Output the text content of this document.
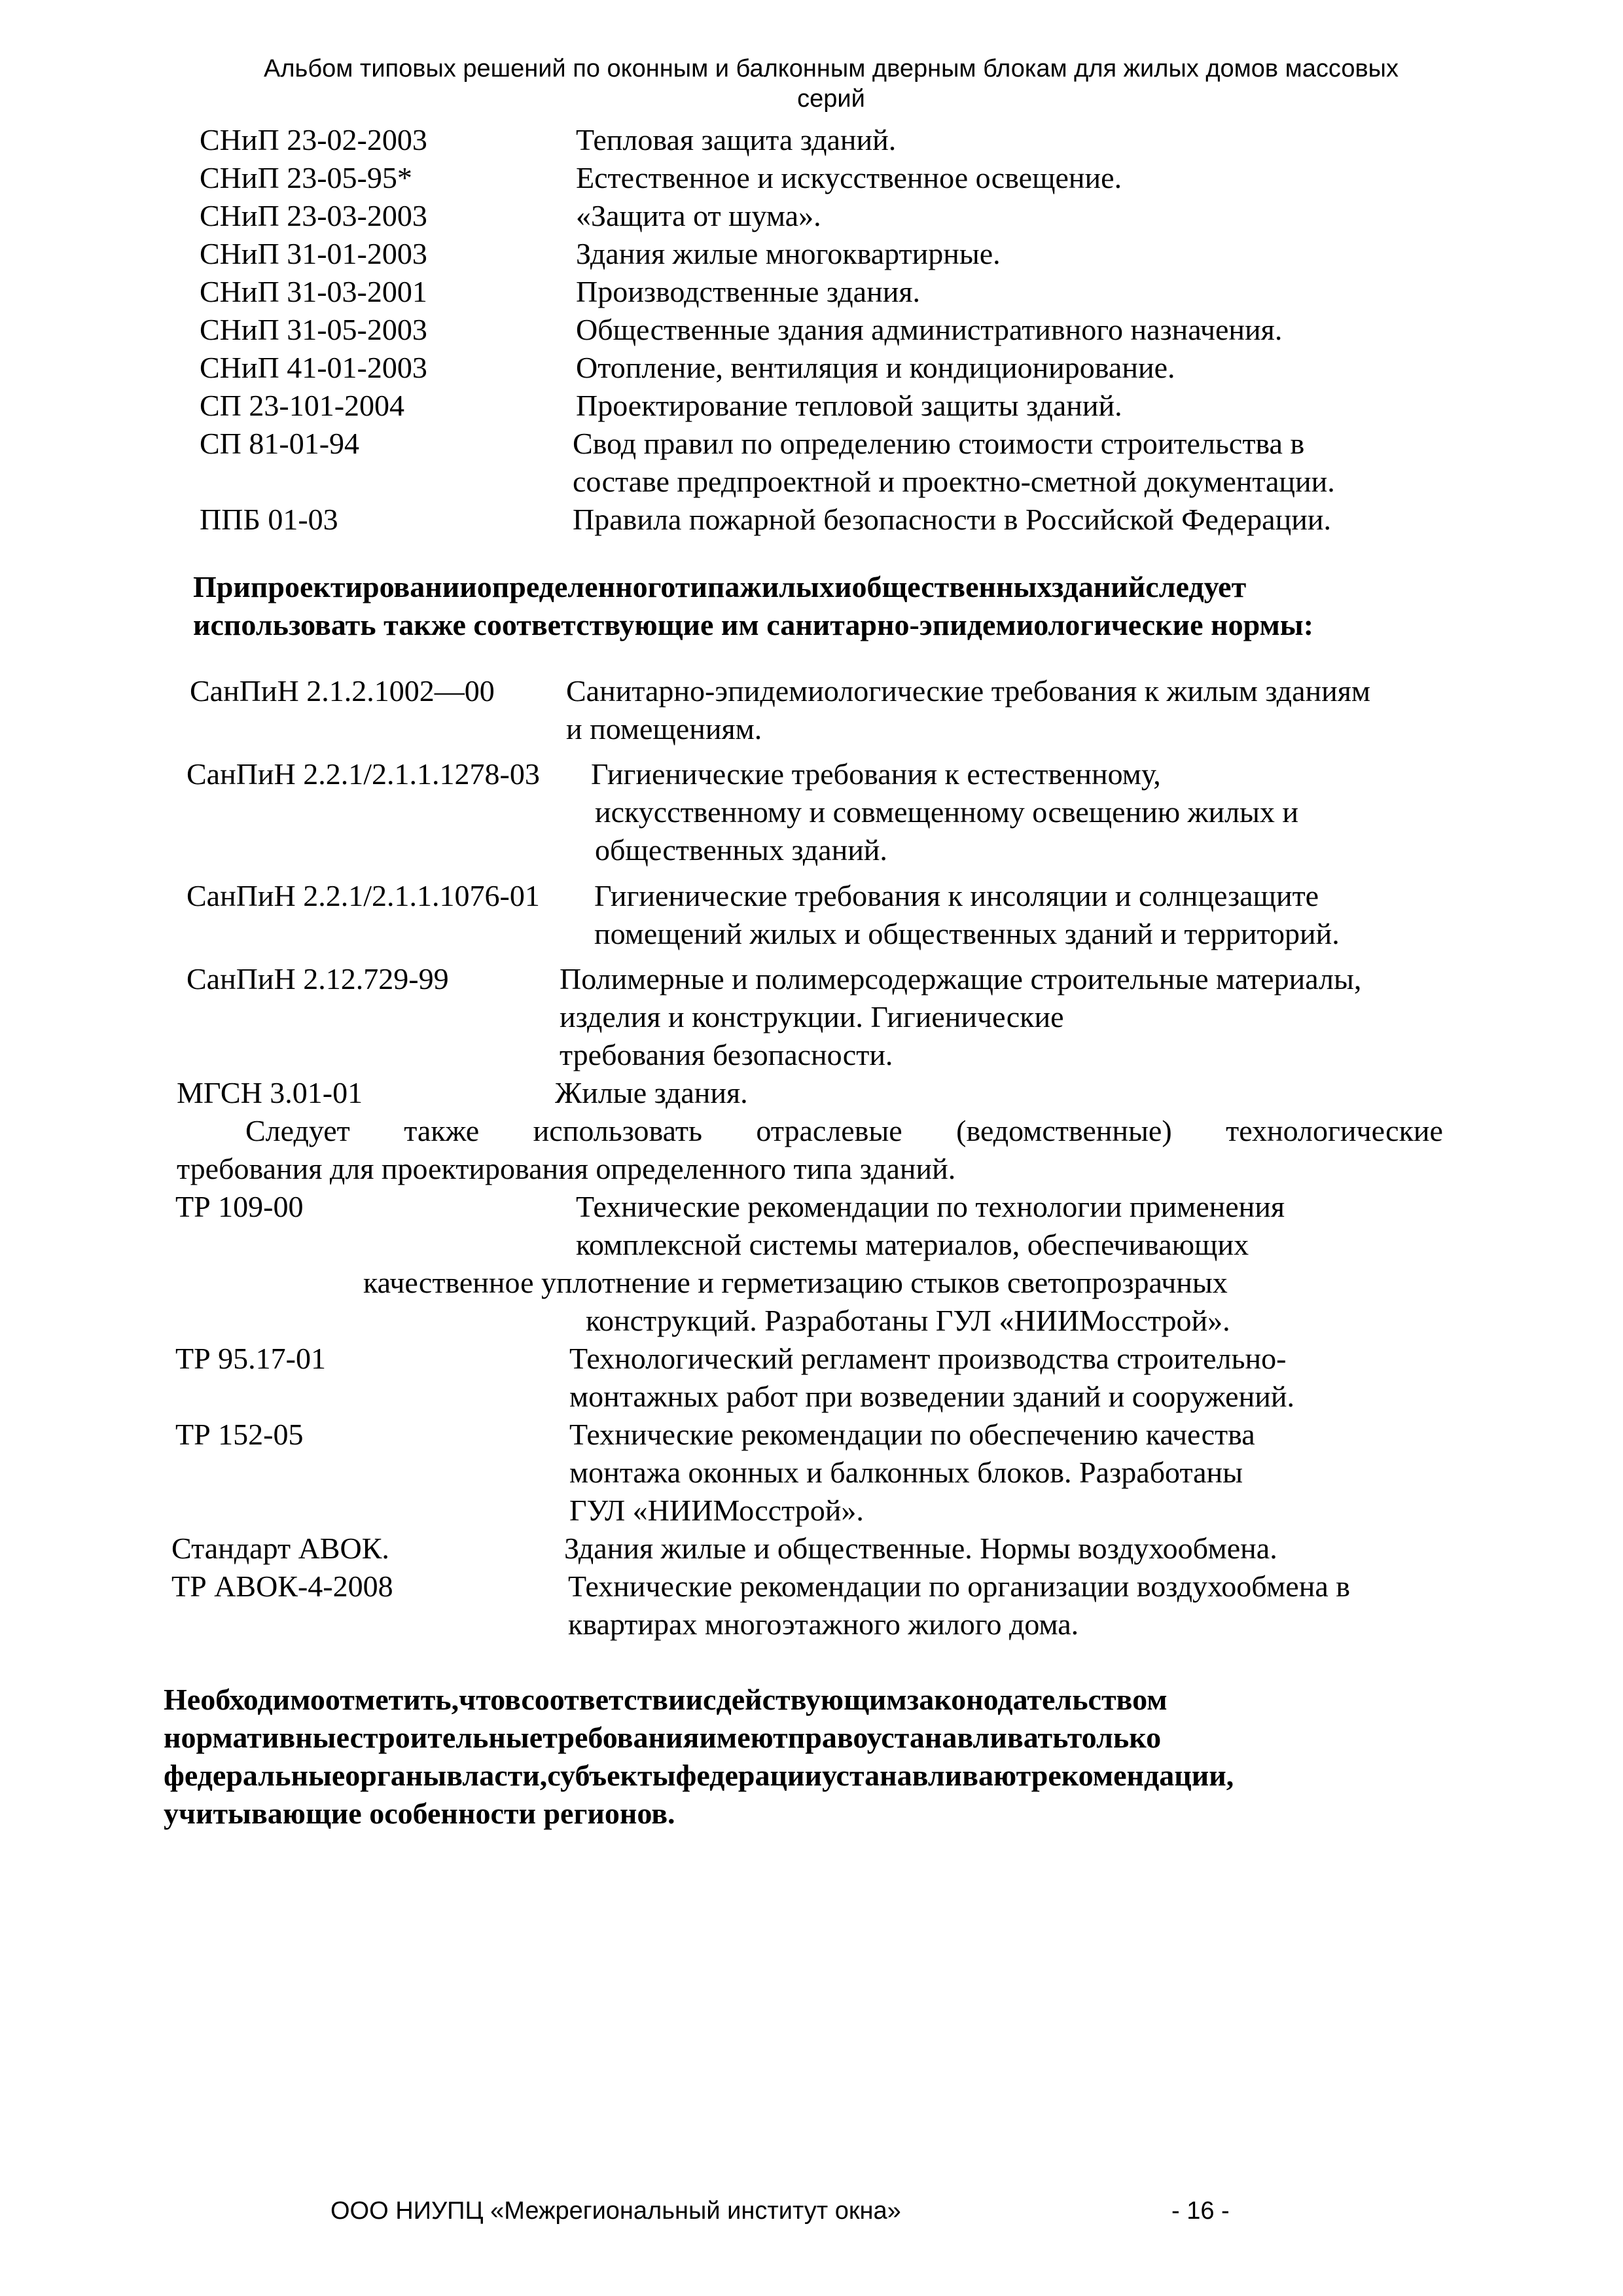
Альбом типовых решений по оконным и балконным дверным блокам для жилых домов массовых
серий
СНиП 23-02-2003	Тепловая защита зданий.
СНиП 23-05-95*	Естественное и искусственное освещение.
СНиП 23-03-2003	«Защита от шума».
СНиП 31-01-2003	Здания жилые многоквартирные.
СНиП 31-03-2001	Производственные здания.
СНиП 31-05-2003	Общественные здания административного назначения.
СНиП 41-01-2003	Отопление, вентиляция и кондиционирование.
СП 23-101-2004	Проектирование тепловой защиты зданий.
СП 81-01-94	Свод правил по определению стоимости строительства в
составе предпроектной и проектно-сметной документации.
ППБ 01-03	Правила пожарной безопасности в Российской Федерации.
Припроектированииопределенноготипажилыхиобщественныхзданийследует
использовать также соответствующие им санитарно-эпидемиологические нормы:
СанПиН 2.1.2.1002—00 Санитарно-эпидемиологические требования к жилым зданиям
и помещениям.
СанПиН 2.2.1/2.1.1.1278-03 Гигиенические требования к естественному,
искусственному и совмещенному освещению жилых и
общественных зданий.
СанПиН 2.2.1/2.1.1.1076-01 Гигиенические требования к инсоляции и солнцезащите
помещений жилых и общественных зданий и территорий.
СанПиН 2.12.729-99	Полимерные и полимерсодержащие строительные материалы,
изделия и конструкции. Гигиенические
требования безопасности.
МГСН 3.01-01	Жилые здания.
Следует также использовать отраслевые (ведомственные) технологические
требования для проектирования определенного типа зданий.
ТР 109-00	Технические рекомендации по технологии применения
комплексной системы материалов, обеспечивающих
качественное уплотнение и герметизацию стыков светопрозрачных
конструкций. Разработаны ГУЛ «НИИМосстрой».
ТР 95.17-01	Технологический регламент производства строительно-
монтажных работ при возведении зданий и сооружений.
ТР 152-05	Технические рекомендации по обеспечению качества
монтажа оконных и балконных блоков. Разработаны
ГУЛ «НИИМосстрой».
Стандарт АВОК.	Здания жилые и общественные. Нормы воздухообмена.
ТР АВОК-4-2008	Технические рекомендации по организации воздухообмена в
квартирах многоэтажного жилого дома.
Необходимоотметить,чтовсоответствиисдействующимзаконодательством
нормативныестроительныетребованияимеютправоустанавливатьтолько
федеральныеорганывласти,субъектыфедерацииустанавливаютрекомендации,
учитывающие особенности регионов.
ООО НИУПЦ «Межрегиональный институт окна»	- 16 -
